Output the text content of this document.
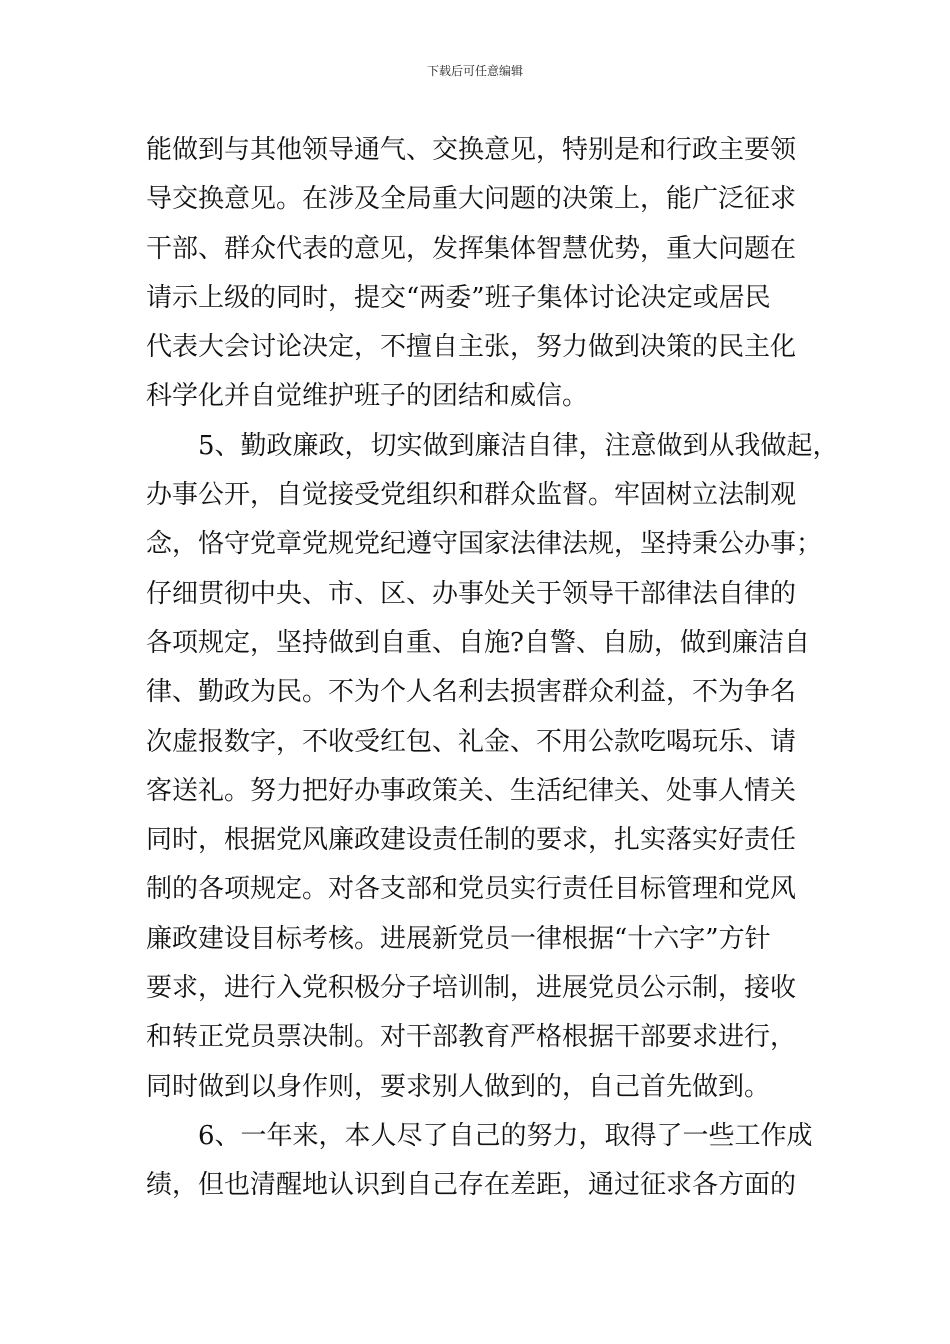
下载后可任意编辑
能做到与其他领导通气、交换意见，特别是和行政主要领
导交换意见。在涉及全局重大问题的决策上，能广泛征求
干部、群众代表的意见，发挥集体智慧优势，重大问题在
请示上级的同时，提交“两委”班子集体讨论决定或居民
代表大会讨论决定，不擅自主张，努力做到决策的民主化
科学化并自觉维护班子的团结和威信。
5、勤政廉政，切实做到廉洁自律，注意做到从我做起，
办事公开，自觉接受党组织和群众监督。牢固树立法制观
念，恪守党章党规党纪遵守国家法律法规，坚持秉公办事；
仔细贯彻中央、市、区、办事处关于领导干部律法自律的
各项规定，坚持做到自重、自施?自警、自励，做到廉洁自
律、勤政为民。不为个人名利去损害群众利益，不为争名
次虚报数字，不收受红包、礼金、不用公款吃喝玩乐、请
客送礼。努力把好办事政策关、生活纪律关、处事人情关
同时，根据党风廉政建设责任制的要求，扎实落实好责任
制的各项规定。对各支部和党员实行责任目标管理和党风
廉政建设目标考核。进展新党员一律根据“十六字”方针
要求，进行入党积极分子培训制，进展党员公示制，接收
和转正党员票决制。对干部教育严格根据干部要求进行，
同时做到以身作则，要求别人做到的，自己首先做到。
6、一年来，本人尽了自己的努力，取得了一些工作成
绩，但也清醒地认识到自己存在差距，通过征求各方面的
